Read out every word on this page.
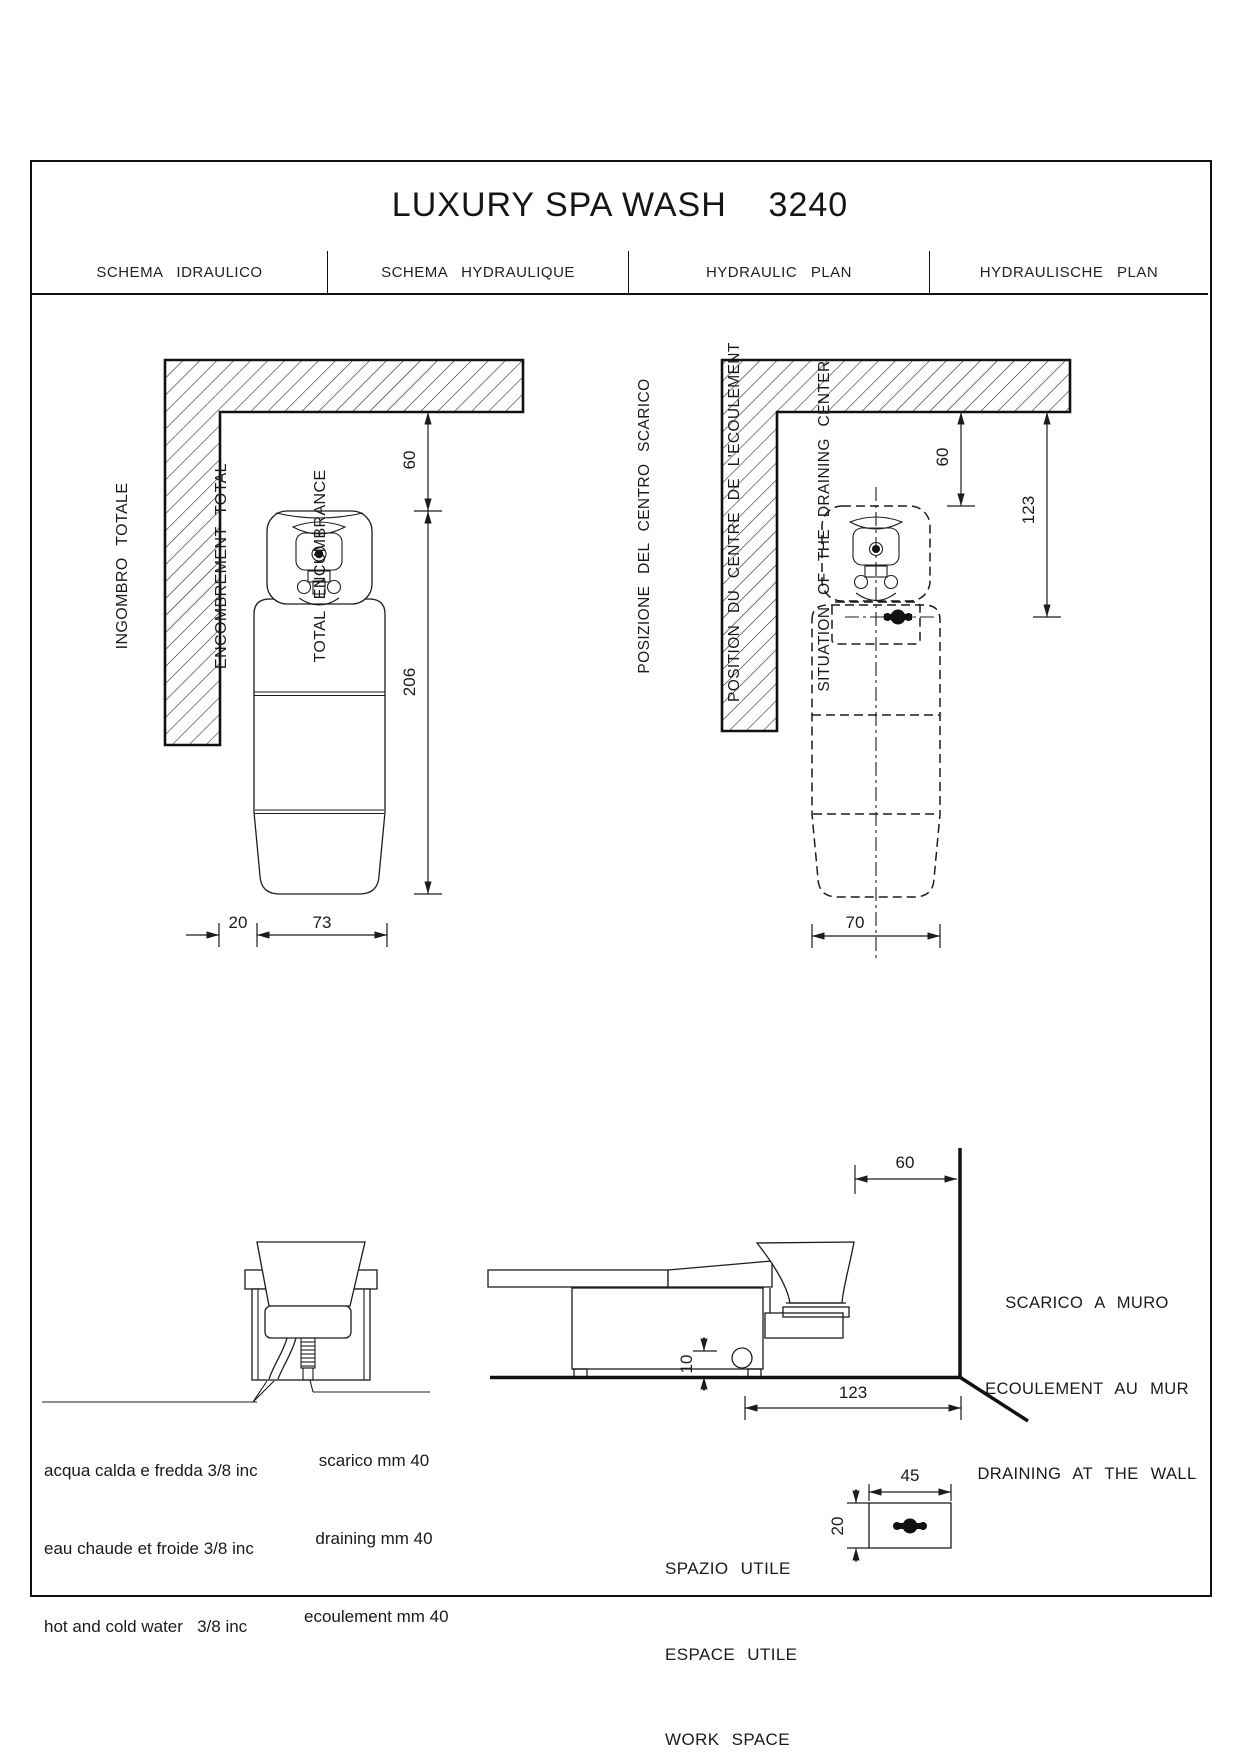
LUXURY SPA WASH    3240
SCHEMA IDRAULICO	SCHEMA HYDRAULIQUE	HYDRAULIC PLAN	HYDRAULISCHE PLAN
60
206
20	73
60
123
70
60
10
123
45
20

INGOMBRO TOTALE

	ENCOMBREMENT TOTAL

	TOTAL ENCUMBRANCE

	POSIZIONE DEL CENTRO SCARICO

	POSITION DU CENTRE DE L'ECOULEMENT

	SITUATION OF THE DRAINING CENTER

acqua calda e fredda 3/8 inc

eau chaude et froide 3/8 inc

hot and cold water   3/8 inc

scarico mm 40

draining mm 40

ecoulement mm 40

SCARICO A MURO

ECOULEMENT AU MUR

DRAINING AT THE WALL

SPAZIO UTILE

ESPACE UTILE

WORK SPACE
